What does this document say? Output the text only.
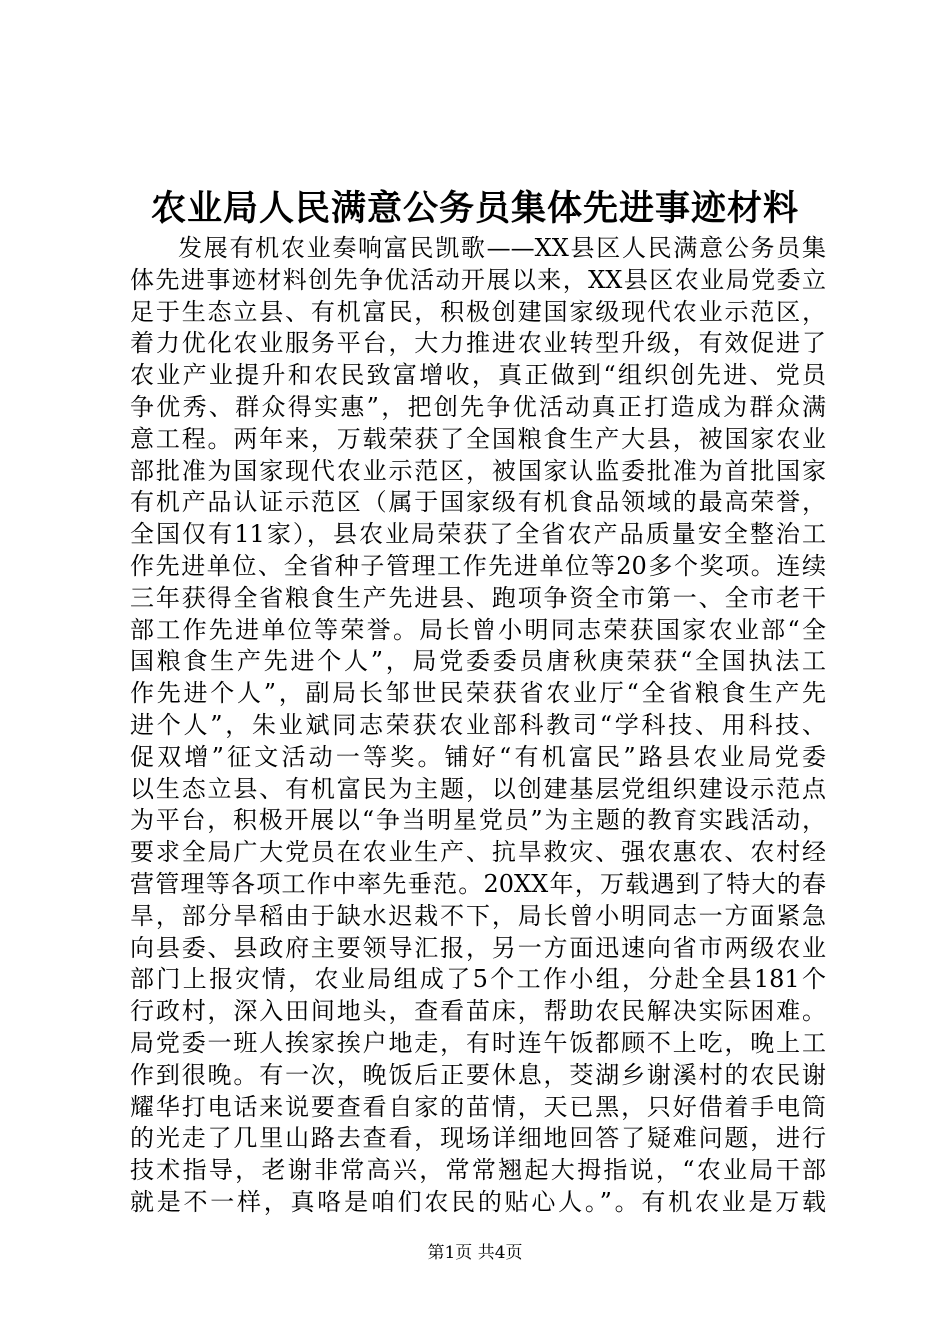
农业局人民满意公务员集体先进事迹材料
发展有机农业奏响富民凯歌——XX县区人民满意公务员集
体先进事迹材料创先争优活动开展以来，XX县区农业局党委立
足于生态立县、有机富民，积极创建国家级现代农业示范区，
着力优化农业服务平台，大力推进农业转型升级，有效促进了
农业产业提升和农民致富增收，真正做到“组织创先进、党员
争优秀、群众得实惠”，把创先争优活动真正打造成为群众满
意工程。两年来，万载荣获了全国粮食生产大县，被国家农业
部批准为国家现代农业示范区，被国家认监委批准为首批国家
有机产品认证示范区（属于国家级有机食品领域的最高荣誉，
全国仅有11家），县农业局荣获了全省农产品质量安全整治工
作先进单位、全省种子管理工作先进单位等20多个奖项。连续
三年获得全省粮食生产先进县、跑项争资全市第一、全市老干
部工作先进单位等荣誉。局长曾小明同志荣获国家农业部“全
国粮食生产先进个人”，局党委委员唐秋庚荣获“全国执法工
作先进个人”，副局长邹世民荣获省农业厅“全省粮食生产先
进个人”，朱业斌同志荣获农业部科教司“学科技、用科技、
促双增”征文活动一等奖。铺好“有机富民”路县农业局党委
以生态立县、有机富民为主题，以创建基层党组织建设示范点
为平台，积极开展以“争当明星党员”为主题的教育实践活动，
要求全局广大党员在农业生产、抗旱救灾、强农惠农、农村经
营管理等各项工作中率先垂范。20XX年，万载遇到了特大的春
旱，部分旱稻由于缺水迟栽不下，局长曾小明同志一方面紧急
向县委、县政府主要领导汇报，另一方面迅速向省市两级农业
部门上报灾情，农业局组成了5个工作小组，分赴全县181个
行政村，深入田间地头，查看苗床，帮助农民解决实际困难。
局党委一班人挨家挨户地走，有时连午饭都顾不上吃，晚上工
作到很晚。有一次，晚饭后正要休息，茭湖乡谢溪村的农民谢
耀华打电话来说要查看自家的苗情，天已黑，只好借着手电筒
的光走了几里山路去查看，现场详细地回答了疑难问题，进行
技术指导，老谢非常高兴，常常翘起大拇指说，“农业局干部
就是不一样，真咯是咱们农民的贴心人。”。有机农业是万载
第1页 共4页
